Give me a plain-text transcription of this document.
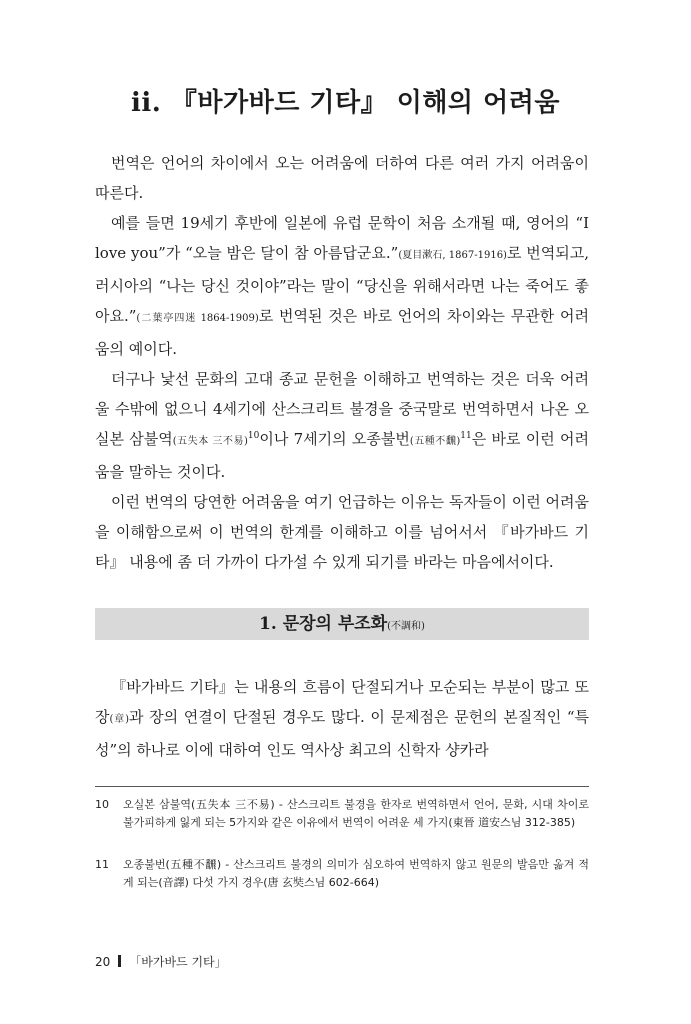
ii. 『바가바드 기타』 이해의 어려움

번역은 언어의 차이에서 오는 어려움에 더하여 다른 여러 가지 어려움이 따른다.

예를 들면 19세기 후반에 일본에 유럽 문학이 처음 소개될 때, 영어의 “I love you”가 “오늘 밤은 달이 참 아름답군요.”(夏目漱石, 1867-1916)로 번역되고, 러시아의 “나는 당신 것이야”라는 말이 “당신을 위해서라면 나는 죽어도 좋아요.”(二葉亭四迷 1864-1909)로 번역된 것은 바로 언어의 차이와는 무관한 어려움의 예이다.

더구나 낯선 문화의 고대 종교 문헌을 이해하고 번역하는 것은 더욱 어려울 수밖에 없으니 4세기에 산스크리트 불경을 중국말로 번역하면서 나온 오실본 삼불역(五失本 三不易)$^{10}$이나 7세기의 오종불번(五種不飜)$^{11}$은 바로 이런 어려움을 말하는 것이다.

이런 번역의 당연한 어려움을 여기 언급하는 이유는 독자들이 이런 어려움을 이해함으로써 이 번역의 한계를 이해하고 이를 넘어서서 『바가바드 기타』 내용에 좀 더 가까이 다가설 수 있게 되기를 바라는 마음에서이다.

1. 문장의 부조화(不調和)

『바가바드 기타』는 내용의 흐름이 단절되거나 모순되는 부분이 많고 또 장(章)과 장의 연결이 단절된 경우도 많다. 이 문제점은 문헌의 본질적인 “특성”의 하나로 이에 대하여 인도 역사상 최고의 신학자 샹카라

10	오실본 삼불역(五失本 三不易) - 산스크리트 불경을 한자로 번역하면서 언어, 문화, 시대 차이로 불가피하게 잃게 되는 5가지와 같은 이유에서 번역이 어려운 세 가지(東晉 道安스님 312-385)
11	오종불번(五種不飜) - 산스크리트 불경의 의미가 심오하여 번역하지 않고 원문의 발음만 옮겨 적게 되는(音譯) 다섯 가지 경우(唐 玄奘스님 602-664)
20 「바가바드 기타」
